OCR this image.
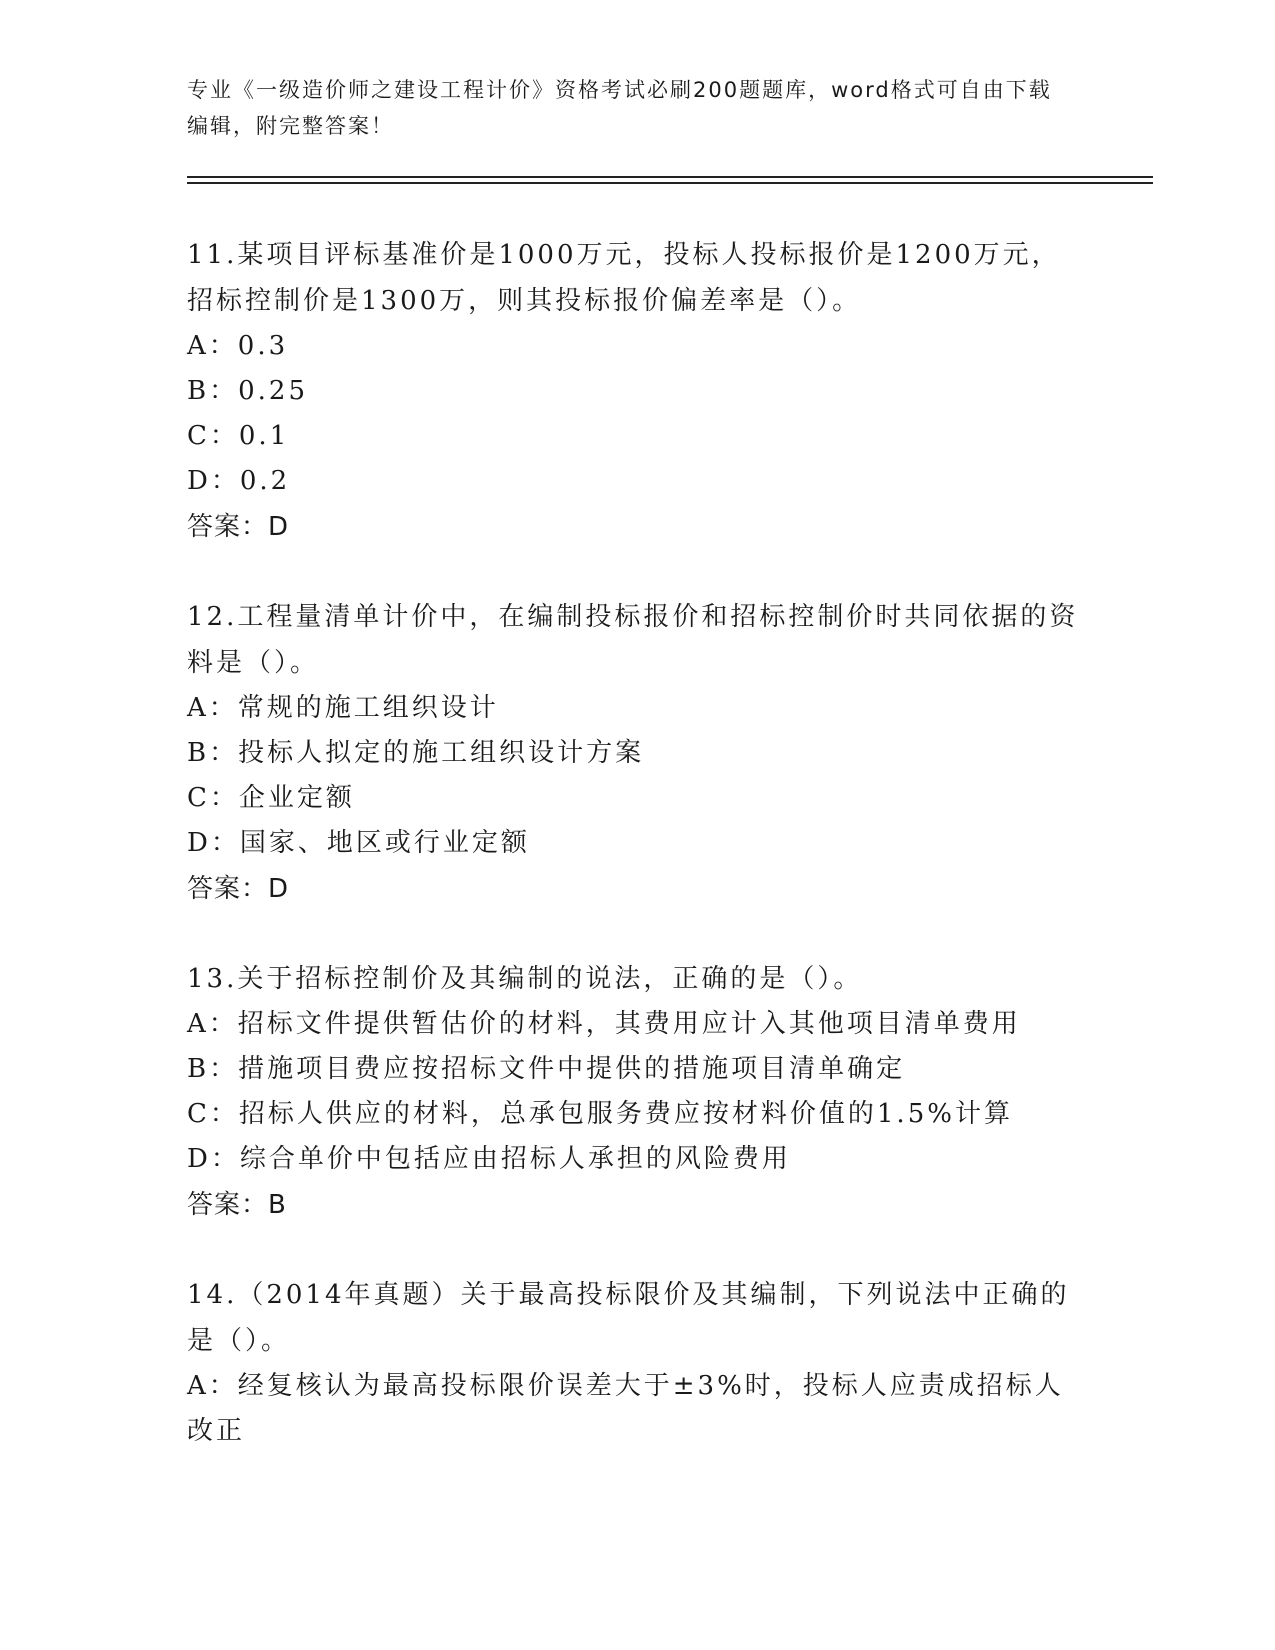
专业《一级造价师之建设工程计价》资格考试必刷200题题库，word格式可自由下载编辑，附完整答案！

11.某项目评标基准价是1000万元，投标人投标报价是1200万元，招标控制价是1300万，则其投标报价偏差率是（）。

A：0.3

B：0.25

C：0.1

D：0.2

答案：D

12.工程量清单计价中，在编制投标报价和招标控制价时共同依据的资料是（）。

A：常规的施工组织设计

B：投标人拟定的施工组织设计方案

C：企业定额

D：国家、地区或行业定额

答案：D

13.关于招标控制价及其编制的说法，正确的是（）。

A：招标文件提供暂估价的材料，其费用应计入其他项目清单费用

B：措施项目费应按招标文件中提供的措施项目清单确定

C：招标人供应的材料，总承包服务费应按材料价值的1.5%计算

D：综合单价中包括应由招标人承担的风险费用

答案：B

14.（2014年真题）关于最高投标限价及其编制，下列说法中正确的是（）。

A：经复核认为最高投标限价误差大于±3%时，投标人应责成招标人改正
